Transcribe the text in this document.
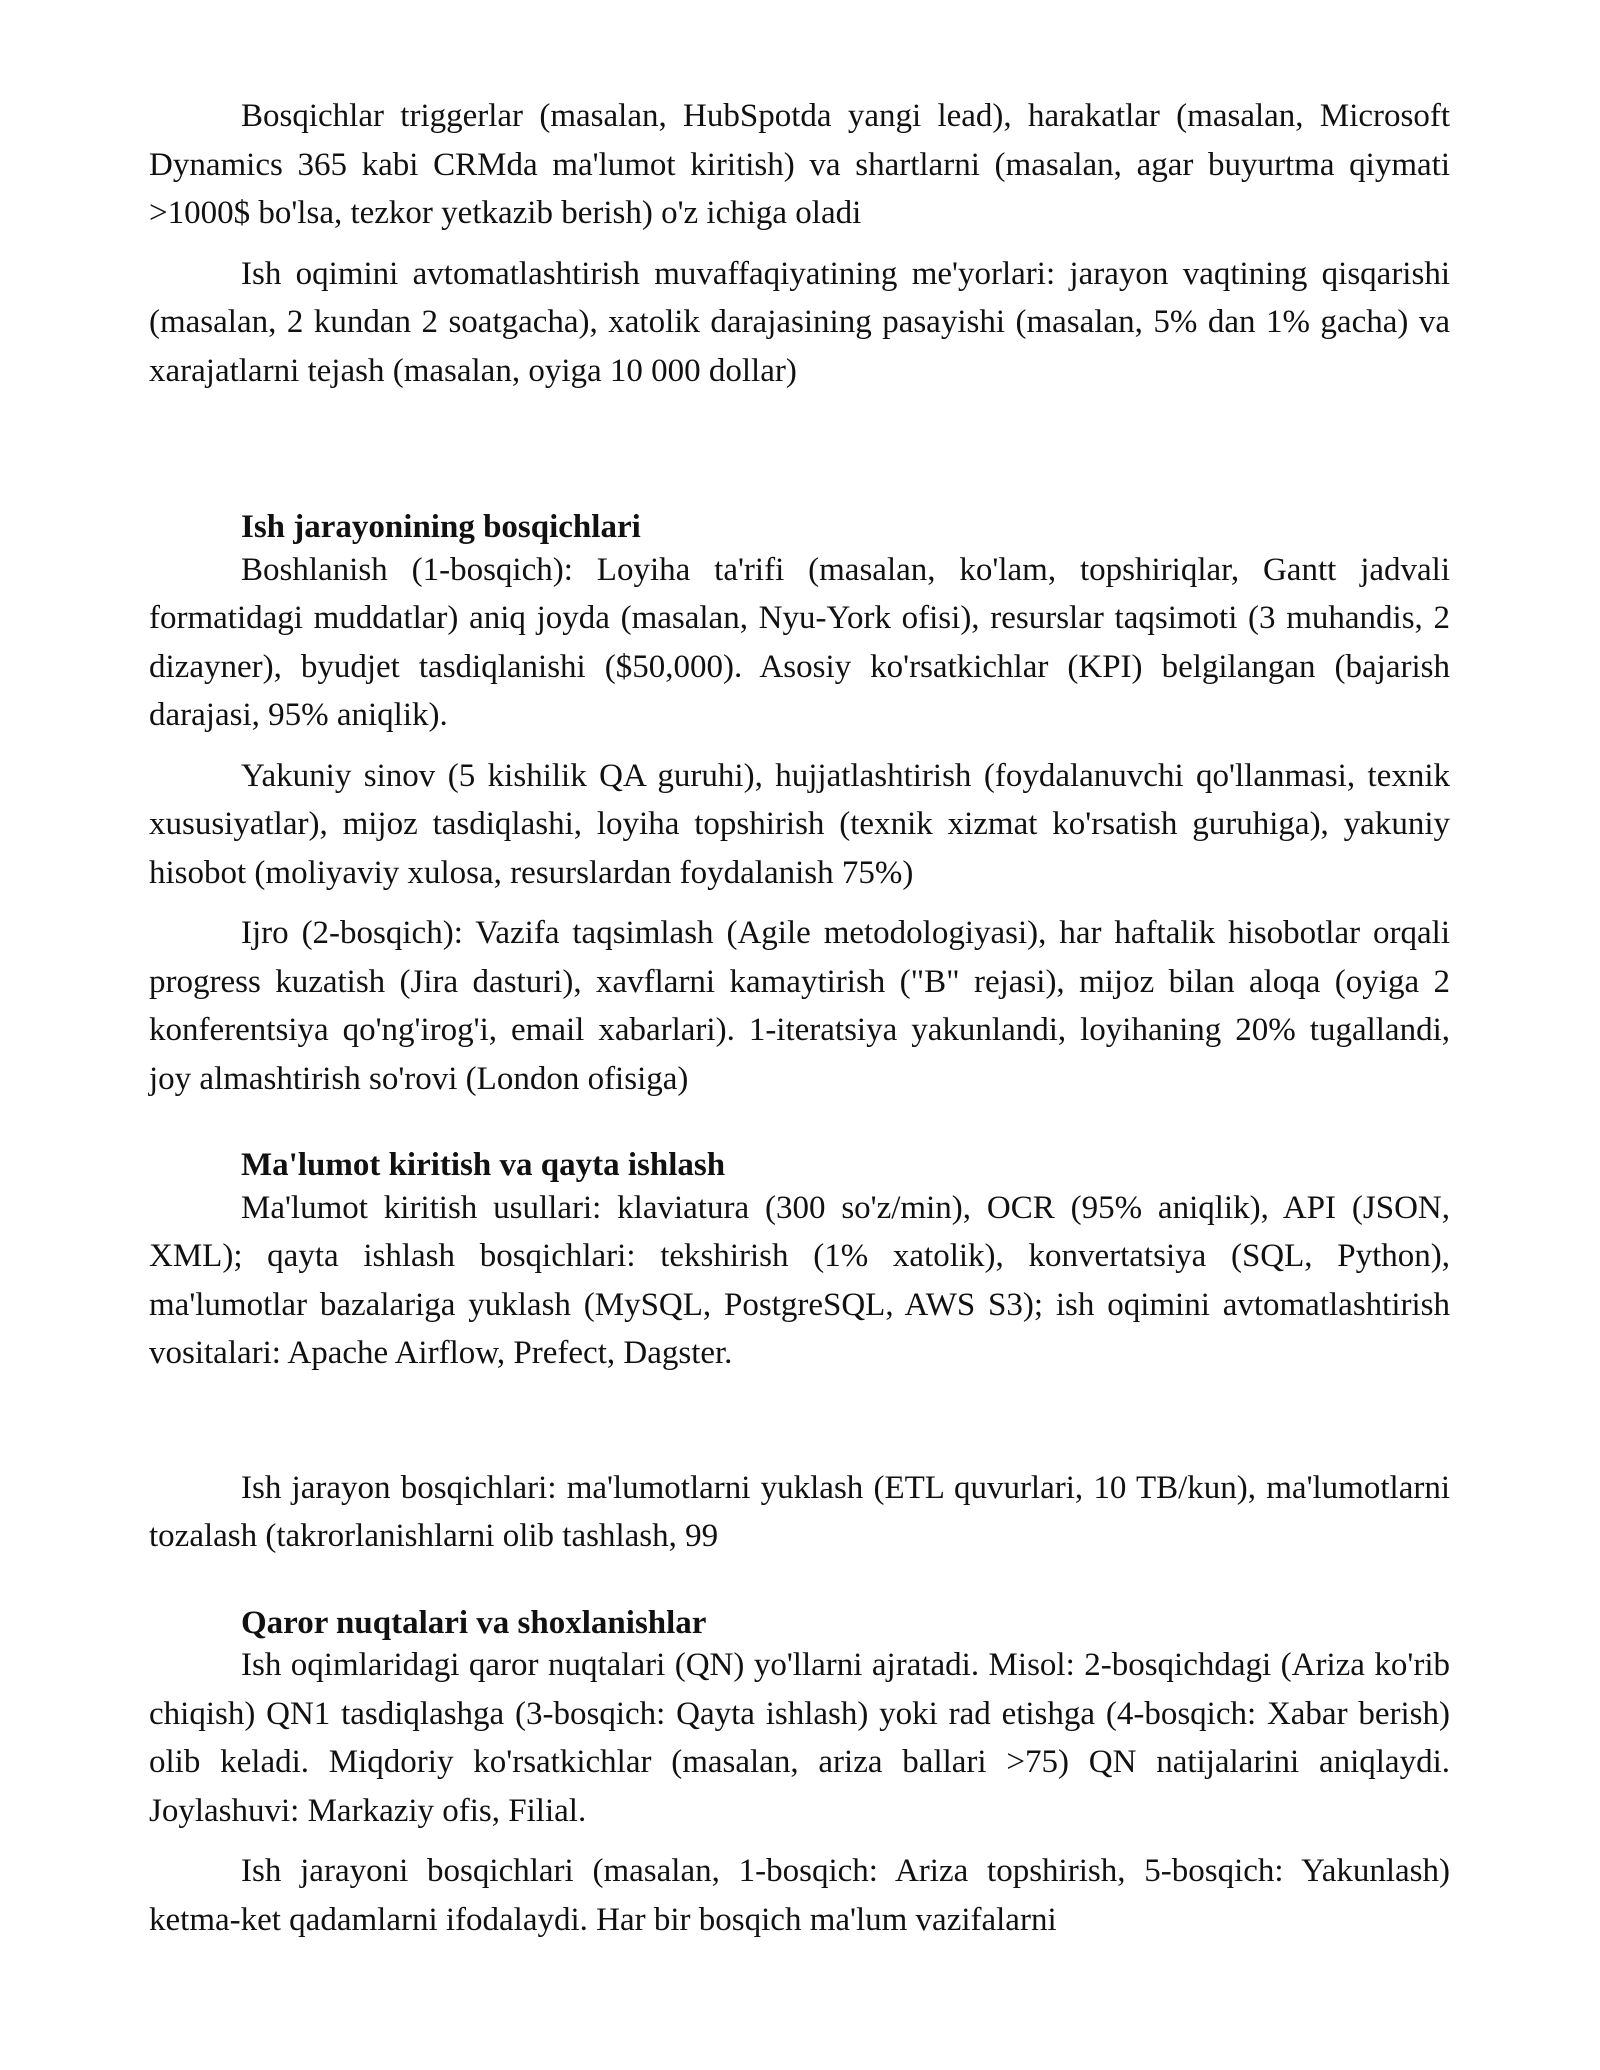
Bosqichlar triggerlar (masalan, HubSpotda yangi lead), harakatlar (masalan, Microsoft Dynamics 365 kabi CRMda ma'lumot kiritish) va shartlarni (masalan, agar buyurtma qiymati >1000$ bo'lsa, tezkor yetkazib berish) o'z ichiga oladi

Ish oqimini avtomatlashtirish muvaffaqiyatining me'yorlari: jarayon vaqtining qisqarishi (masalan, 2 kundan 2 soatgacha), xatolik darajasining pasayishi (masalan, 5% dan 1% gacha) va xarajatlarni tejash (masalan, oyiga 10 000 dollar)

Ish jarayonining bosqichlari

Boshlanish (1-bosqich): Loyiha ta'rifi (masalan, ko'lam, topshiriqlar, Gantt jadvali formatidagi muddatlar) aniq joyda (masalan, Nyu-York ofisi), resurslar taqsimoti (3 muhandis, 2 dizayner), byudjet tasdiqlanishi ($50,000). Asosiy ko'rsatkichlar (KPI) belgilangan (bajarish darajasi, 95% aniqlik).

Yakuniy sinov (5 kishilik QA guruhi), hujjatlashtirish (foydalanuvchi qo'llanmasi, texnik xususiyatlar), mijoz tasdiqlashi, loyiha topshirish (texnik xizmat ko'rsatish guruhiga), yakuniy hisobot (moliyaviy xulosa, resurslardan foydalanish 75%)

Ijro (2-bosqich): Vazifa taqsimlash (Agile metodologiyasi), har haftalik hisobotlar orqali progress kuzatish (Jira dasturi), xavflarni kamaytirish ("B" rejasi), mijoz bilan aloqa (oyiga 2 konferentsiya qo'ng'irog'i, email xabarlari). 1-iteratsiya yakunlandi, loyihaning 20% tugallandi, joy almashtirish so'rovi (London ofisiga)

Ma'lumot kiritish va qayta ishlash

Ma'lumot kiritish usullari: klaviatura (300 so'z/min), OCR (95% aniqlik), API (JSON, XML); qayta ishlash bosqichlari: tekshirish (1% xatolik), konvertatsiya (SQL, Python), ma'lumotlar bazalariga yuklash (MySQL, PostgreSQL, AWS S3); ish oqimini avtomatlashtirish vositalari: Apache Airflow, Prefect, Dagster.

Ish jarayon bosqichlari: ma'lumotlarni yuklash (ETL quvurlari, 10 TB/kun), ma'lumotlarni tozalash (takrorlanishlarni olib tashlash, 99

Qaror nuqtalari va shoxlanishlar

Ish oqimlaridagi qaror nuqtalari (QN) yo'llarni ajratadi. Misol: 2-bosqichdagi (Ariza ko'rib chiqish) QN1 tasdiqlashga (3-bosqich: Qayta ishlash) yoki rad etishga (4-bosqich: Xabar berish) olib keladi. Miqdoriy ko'rsatkichlar (masalan, ariza ballari >75) QN natijalarini aniqlaydi. Joylashuvi: Markaziy ofis, Filial.

Ish jarayoni bosqichlari (masalan, 1-bosqich: Ariza topshirish, 5-bosqich: Yakunlash) ketma-ket qadamlarni ifodalaydi. Har bir bosqich ma'lum vazifalarni
